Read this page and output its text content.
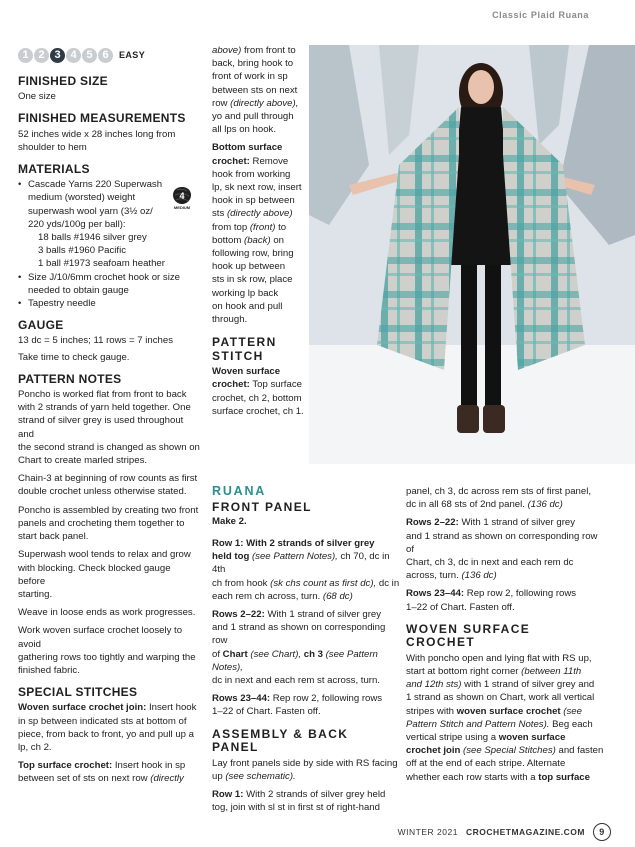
Classic Plaid Ruana
1 2 3 4 5 6	EASY
FINISHED SIZE

One size

FINISHED MEASUREMENTS

52 inches wide x 28 inches long from
shoulder to hem

MATERIALS
• Cascade Yarns 220 Superwash
medium (worsted) weight
superwash wool yarn (3½ oz/
220 yds/100g per ball):
18 balls #1946 silver grey
3 balls #1960 Pacific
1 ball #1973 seafoam heather
• Size J/10/6mm crochet hook or size
needed to obtain gauge
• Tapestry needle
GAUGE

13 dc = 5 inches; 11 rows = 7 inches

Take time to check gauge.

PATTERN NOTES

Poncho is worked flat from front to back
with 2 strands of yarn held together. One
strand of silver grey is used throughout and
the second strand is changed as shown on
Chart to create marled stripes.

Chain-3 at beginning of row counts as first
double crochet unless otherwise stated.

Poncho is assembled by creating two front
panels and crocheting them together to
start back panel.

Superwash wool tends to relax and grow
with blocking. Check blocked gauge before
starting.

Weave in loose ends as work progresses.

Work woven surface crochet loosely to avoid
gathering rows too tightly and warping the
finished fabric.

SPECIAL STITCHES

Woven surface crochet join: Insert hook
in sp between indicated sts at bottom of
piece, from back to front, yo and pull up a
lp, ch 2.

Top surface crochet: Insert hook in sp
between set of sts on next row (directly

4
MEDIUM

above) from front to
back, bring hook to
front of work in sp
between sts on next
row (directly above),
yo and pull through
all lps on hook.

Bottom surface
crochet: Remove
hook from working
lp, sk next row, insert
hook in sp between
sts (directly above)
from top (front) to
bottom (back) on
following row, bring
hook up between
sts in sk row, place
working lp back
on hook and pull
through.

PATTERN
STITCH

Woven surface
crochet: Top surface
crochet, ch 2, bottom
surface crochet, ch 1.

RUANA
FRONT PANEL

Make 2.

Row 1: With 2 strands of silver grey
held tog (see Pattern Notes), ch 70, dc in 4th
ch from hook (sk chs count as first dc), dc in
each rem ch across, turn. (68 dc)

Rows 2–22: With 1 strand of silver grey
and 1 strand as shown on corresponding row
of Chart (see Chart), ch 3 (see Pattern Notes),
dc in next and each rem st across, turn.

Rows 23–44: Rep row 2, following rows
1–22 of Chart. Fasten off.

ASSEMBLY & BACK
PANEL

Lay front panels side by side with RS facing
up (see schematic).

Row 1: With 2 strands of silver grey held
tog, join with sl st in first st of right-hand

panel, ch 3, dc across rem sts of first panel,
dc in all 68 sts of 2nd panel. (136 dc)

Rows 2–22: With 1 strand of silver grey
and 1 strand as shown on corresponding row of
Chart, ch 3, dc in next and each rem dc
across, turn. (136 dc)

Rows 23–44: Rep row 2, following rows
1–22 of Chart. Fasten off.

WOVEN SURFACE
CROCHET

With poncho open and lying flat with RS up,
start at bottom right corner (between 11th
and 12th sts) with 1 strand of silver grey and
1 strand as shown on Chart, work all vertical
stripes with woven surface crochet (see
Pattern Stitch and Pattern Notes). Beg each
vertical stripe using a woven surface
crochet join (see Special Stitches) and fasten
off at the end of each stripe. Alternate
whether each row starts with a top surface

WINTER 2021 CROCHETMAGAZINE.COM	9
